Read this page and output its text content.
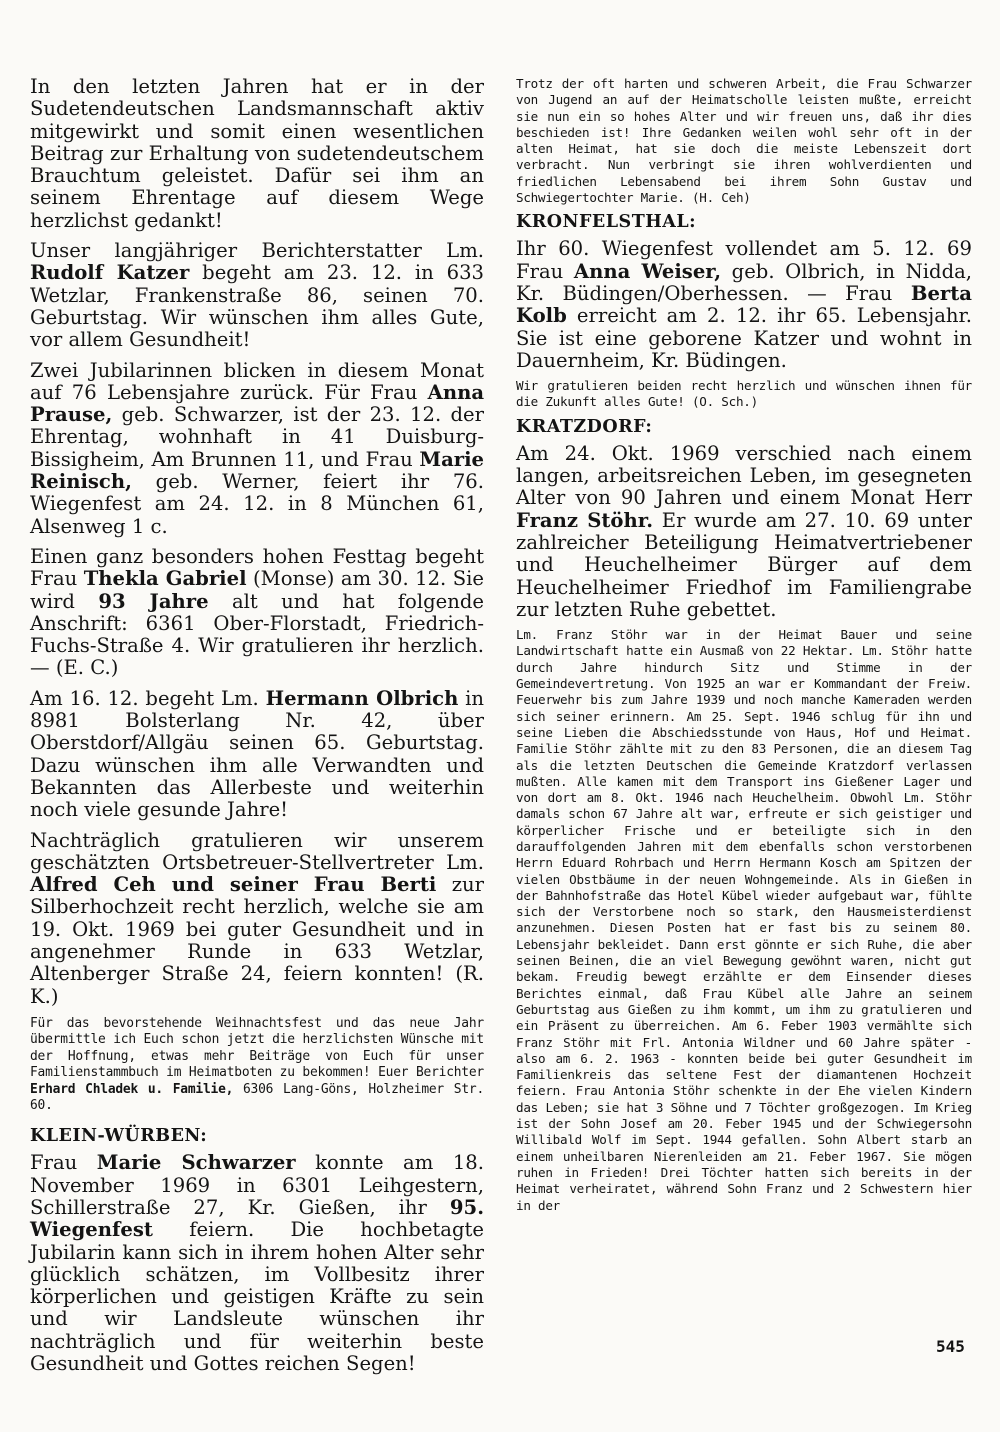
In den letzten Jahren hat er in der Sudetendeutschen Landsmannschaft aktiv mitgewirkt und somit einen wesentlichen Beitrag zur Erhaltung von sudetendeutschem Brauchtum geleistet. Dafür sei ihm an seinem Ehrentage auf diesem Wege herzlichst gedankt!

Unser langjähriger Berichterstatter Lm. Rudolf Katzer begeht am 23. 12. in 633 Wetzlar, Frankenstraße 86, seinen 70. Geburtstag. Wir wünschen ihm alles Gute, vor allem Gesundheit!

Zwei Jubilarinnen blicken in diesem Monat auf 76 Lebensjahre zurück. Für Frau Anna Prause, geb. Schwarzer, ist der 23. 12. der Ehrentag, wohnhaft in 41 Duisburg-Bissigheim, Am Brunnen 11, und Frau Marie Reinisch, geb. Werner, feiert ihr 76. Wiegenfest am 24. 12. in 8 München 61, Alsenweg 1 c.

Einen ganz besonders hohen Festtag begeht Frau Thekla Gabriel (Monse) am 30. 12. Sie wird 93 Jahre alt und hat folgende Anschrift: 6361 Ober-Florstadt, Friedrich-Fuchs-Straße 4. Wir gratulieren ihr herzlich. — (E. C.)

Am 16. 12. begeht Lm. Hermann Olbrich in 8981 Bolsterlang Nr. 42, über Oberstdorf/Allgäu seinen 65. Geburtstag. Dazu wünschen ihm alle Verwandten und Bekannten das Allerbeste und weiterhin noch viele gesunde Jahre!

Nachträglich gratulieren wir unserem geschätzten Ortsbetreuer-Stellvertreter Lm. Alfred Ceh und seiner Frau Berti zur Silberhochzeit recht herzlich, welche sie am 19. Okt. 1969 bei guter Gesundheit und in angenehmer Runde in 633 Wetzlar, Altenberger Straße 24, feiern konnten! (R. K.)

Für das bevorstehende Weihnachtsfest und das neue Jahr übermittle ich Euch schon jetzt die herzlichsten Wünsche mit der Hoffnung, etwas mehr Beiträge von Euch für unser Familienstammbuch im Heimatboten zu bekommen! Euer Berichter Erhard Chladek u. Familie, 6306 Lang-Göns, Holzheimer Str. 60.

KLEIN-WÜRBEN:

Frau Marie Schwarzer konnte am 18. November 1969 in 6301 Leihgestern, Schillerstraße 27, Kr. Gießen, ihr 95. Wiegenfest feiern. Die hochbetagte Jubilarin kann sich in ihrem hohen Alter sehr glücklich schätzen, im Vollbesitz ihrer körperlichen und geistigen Kräfte zu sein und wir Landsleute wünschen ihr nachträglich und für weiterhin beste Gesundheit und Gottes reichen Segen!

Trotz der oft harten und schweren Arbeit, die Frau Schwarzer von Jugend an auf der Heimatscholle leisten mußte, erreicht sie nun ein so hohes Alter und wir freuen uns, daß ihr dies beschieden ist! Ihre Gedanken weilen wohl sehr oft in der alten Heimat, hat sie doch die meiste Lebenszeit dort verbracht. Nun verbringt sie ihren wohlverdienten und friedlichen Lebensabend bei ihrem Sohn Gustav und Schwiegertochter Marie. (H. Ceh)

KRONFELSTHAL:

Ihr 60. Wiegenfest vollendet am 5. 12. 69 Frau Anna Weiser, geb. Olbrich, in Nidda, Kr. Büdingen/Oberhessen. — Frau Berta Kolb erreicht am 2. 12. ihr 65. Lebensjahr. Sie ist eine geborene Katzer und wohnt in Dauernheim, Kr. Büdingen.

Wir gratulieren beiden recht herzlich und wünschen ihnen für die Zukunft alles Gute! (O. Sch.)

KRATZDORF:

Am 24. Okt. 1969 verschied nach einem langen, arbeitsreichen Leben, im gesegneten Alter von 90 Jahren und einem Monat Herr Franz Stöhr. Er wurde am 27. 10. 69 unter zahlreicher Beteiligung Heimatvertriebener und Heuchelheimer Bürger auf dem Heuchelheimer Friedhof im Familiengrabe zur letzten Ruhe gebettet.

Lm. Franz Stöhr war in der Heimat Bauer und seine Landwirtschaft hatte ein Ausmaß von 22 Hektar. Lm. Stöhr hatte durch Jahre hindurch Sitz und Stimme in der Gemeindevertretung. Von 1925 an war er Kommandant der Freiw. Feuerwehr bis zum Jahre 1939 und noch manche Kameraden werden sich seiner erinnern. Am 25. Sept. 1946 schlug für ihn und seine Lieben die Abschiedsstunde von Haus, Hof und Heimat. Familie Stöhr zählte mit zu den 83 Personen, die an diesem Tag als die letzten Deutschen die Gemeinde Kratzdorf verlassen mußten. Alle kamen mit dem Transport ins Gießener Lager und von dort am 8. Okt. 1946 nach Heuchelheim. Obwohl Lm. Stöhr damals schon 67 Jahre alt war, erfreute er sich geistiger und körperlicher Frische und er beteiligte sich in den darauffolgenden Jahren mit dem ebenfalls schon verstorbenen Herrn Eduard Rohrbach und Herrn Hermann Kosch am Spitzen der vielen Obstbäume in der neuen Wohngemeinde. Als in Gießen in der Bahnhofstraße das Hotel Kübel wieder aufgebaut war, fühlte sich der Verstorbene noch so stark, den Hausmeisterdienst anzunehmen. Diesen Posten hat er fast bis zu seinem 80. Lebensjahr bekleidet. Dann erst gönnte er sich Ruhe, die aber seinen Beinen, die an viel Bewegung gewöhnt waren, nicht gut bekam. Freudig bewegt erzählte er dem Einsender dieses Berichtes einmal, daß Frau Kübel alle Jahre an seinem Geburtstag aus Gießen zu ihm kommt, um ihm zu gratulieren und ein Präsent zu überreichen. Am 6. Feber 1903 vermählte sich Franz Stöhr mit Frl. Antonia Wildner und 60 Jahre später - also am 6. 2. 1963 - konnten beide bei guter Gesundheit im Familienkreis das seltene Fest der diamantenen Hochzeit feiern. Frau Antonia Stöhr schenkte in der Ehe vielen Kindern das Leben; sie hat 3 Söhne und 7 Töchter großgezogen. Im Krieg ist der Sohn Josef am 20. Feber 1945 und der Schwiegersohn Willibald Wolf im Sept. 1944 gefallen. Sohn Albert starb an einem unheilbaren Nierenleiden am 21. Feber 1967. Sie mögen ruhen in Frieden! Drei Töchter hatten sich bereits in der Heimat verheiratet, während Sohn Franz und 2 Schwestern hier in der

545
